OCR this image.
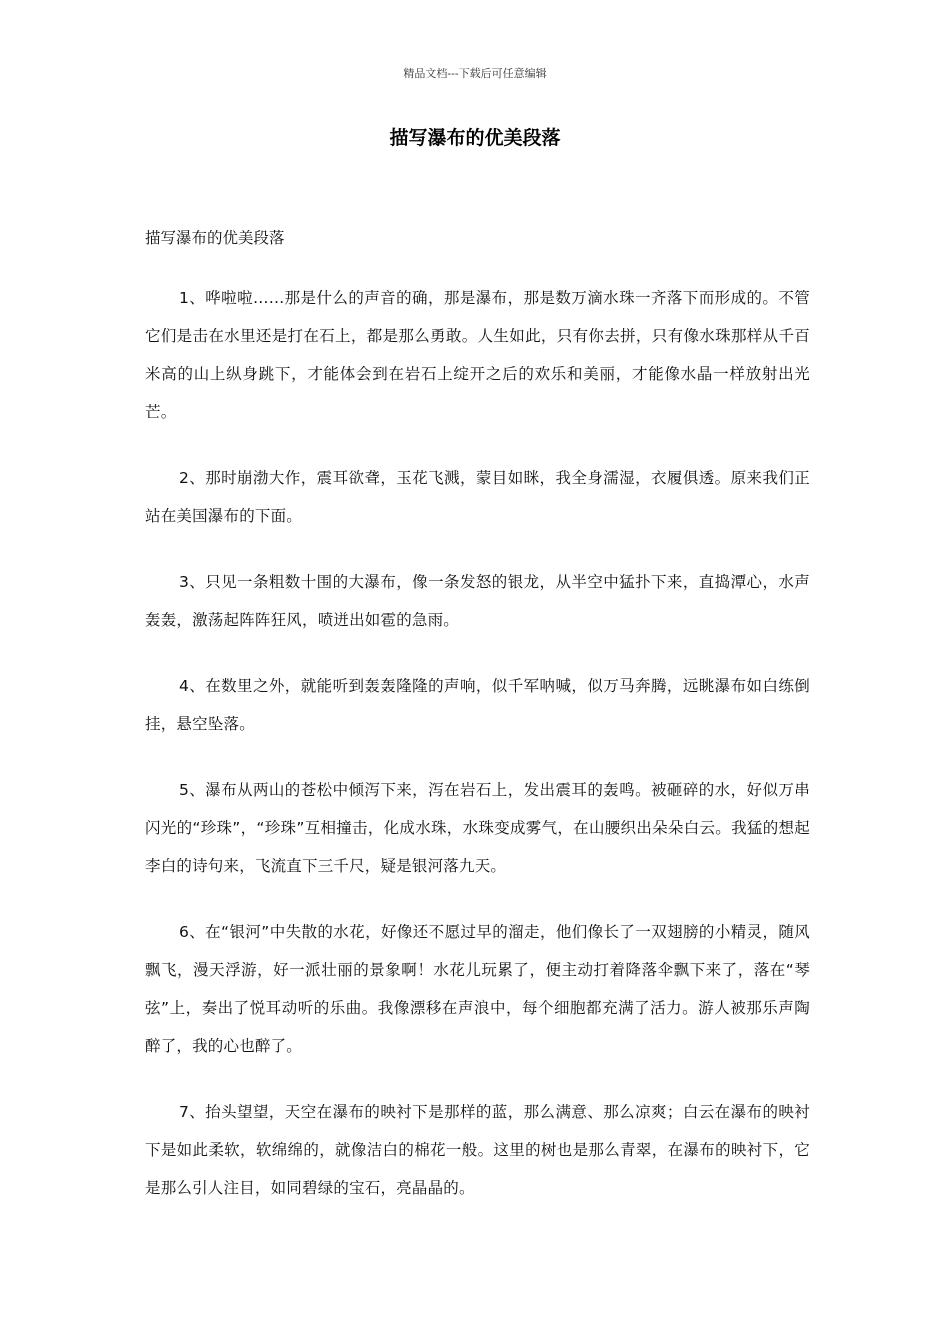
精品文档---下载后可任意编辑
描写瀑布的优美段落

描写瀑布的优美段落

1、哗啦啦……那是什么的声音的确，那是瀑布，那是数万滴水珠一齐落下而形成的。不管它们是击在水里还是打在石上，都是那么勇敢。人生如此，只有你去拼，只有像水珠那样从千百米高的山上纵身跳下，才能体会到在岩石上绽开之后的欢乐和美丽，才能像水晶一样放射出光芒。

2、那时崩渤大作，震耳欲聋，玉花飞溅，蒙目如眯，我全身濡湿，衣履俱透。原来我们正站在美国瀑布的下面。

3、只见一条粗数十围的大瀑布，像一条发怒的银龙，从半空中猛扑下来，直捣潭心，水声轰轰，激荡起阵阵狂风，喷迸出如雹的急雨。

4、在数里之外，就能听到轰轰隆隆的声响，似千军呐喊，似万马奔腾，远眺瀑布如白练倒挂，悬空坠落。

5、瀑布从两山的苍松中倾泻下来，泻在岩石上，发出震耳的轰鸣。被砸碎的水，好似万串闪光的“珍珠”，“珍珠”互相撞击，化成水珠，水珠变成雾气，在山腰织出朵朵白云。我猛的想起李白的诗句来，飞流直下三千尺，疑是银河落九天。

6、在“银河”中失散的水花，好像还不愿过早的溜走，他们像长了一双翅膀的小精灵，随风飘飞，漫天浮游，好一派壮丽的景象啊！水花儿玩累了，便主动打着降落伞飘下来了，落在“琴弦”上，奏出了悦耳动听的乐曲。我像漂移在声浪中，每个细胞都充满了活力。游人被那乐声陶醉了，我的心也醉了。

7、抬头望望，天空在瀑布的映衬下是那样的蓝，那么满意、那么凉爽；白云在瀑布的映衬下是如此柔软，软绵绵的，就像洁白的棉花一般。这里的树也是那么青翠，在瀑布的映衬下，它是那么引人注目，如同碧绿的宝石，亮晶晶的。
